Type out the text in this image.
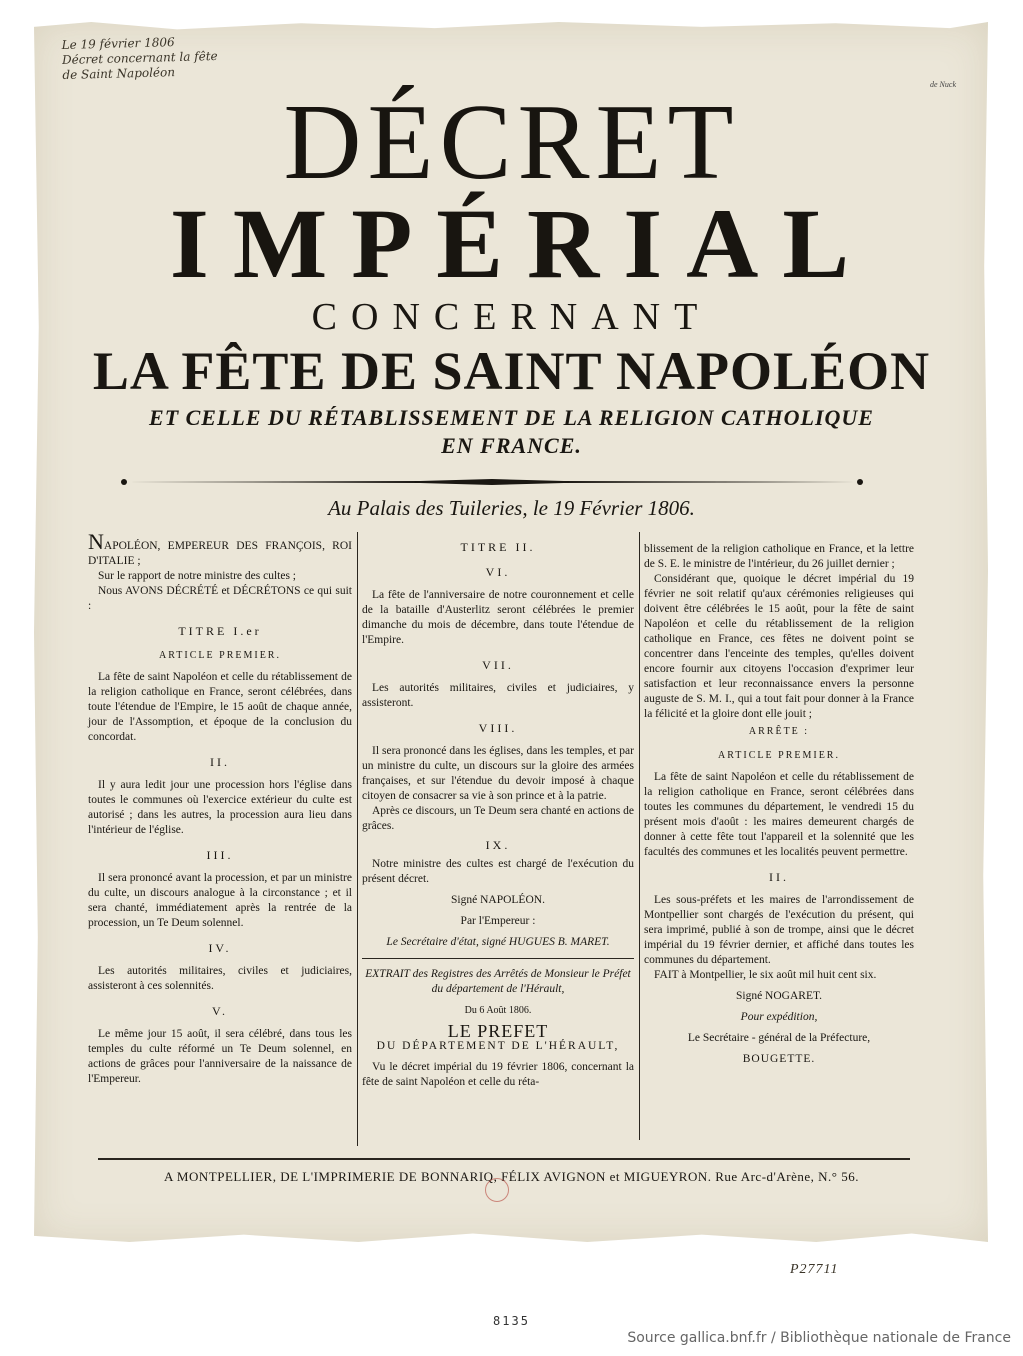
Le 19 février 1806
Décret concernant la fête
de Saint Napoléon
de Nuck
DÉCRET
IMPÉRIAL
CONCERNANT
LA FÊTE DE SAINT NAPOLÉON
ET CELLE DU RÉTABLISSEMENT DE LA RELIGION CATHOLIQUE
EN FRANCE.
Au Palais des Tuileries, le 19 Février 1806.

NAPOLÉON, EMPEREUR DES FRANÇOIS, ROI D'ITALIE ;

Sur le rapport de notre ministre des cultes ;

Nous AVONS DÉCRÉTÉ et DÉCRÉTONS ce qui suit :

TITRE I.er
ARTICLE PREMIER.

La fête de saint Napoléon et celle du rétablissement de la religion catholique en France, seront célébrées, dans toute l'étendue de l'Empire, le 15 août de chaque année, jour de l'Assomption, et époque de la conclusion du concordat.

II.

Il y aura ledit jour une procession hors l'église dans toutes le communes où l'exercice extérieur du culte est autorisé ; dans les autres, la procession aura lieu dans l'intérieur de l'église.

III.

Il sera prononcé avant la procession, et par un ministre du culte, un discours analogue à la circonstance ; et il sera chanté, immédiatement après la rentrée de la procession, un Te Deum solennel.

IV.

Les autorités militaires, civiles et judiciaires, assisteront à ces solennités.

V.

Le même jour 15 août, il sera célébré, dans tous les temples du culte réformé un Te Deum solennel, en actions de grâces pour l'anniversaire de la naissance de l'Empereur.

TITRE II.
VI.

La fête de l'anniversaire de notre couronnement et celle de la bataille d'Austerlitz seront célébrées le premier dimanche du mois de décembre, dans toute l'étendue de l'Empire.

VII.

Les autorités militaires, civiles et judiciaires, y assisteront.

VIII.

Il sera prononcé dans les églises, dans les temples, et par un ministre du culte, un discours sur la gloire des armées françaises, et sur l'étendue du devoir imposé à chaque citoyen de consacrer sa vie à son prince et à la patrie.

Après ce discours, un Te Deum sera chanté en actions de grâces.

IX.

Notre ministre des cultes est chargé de l'exécution du présent décret.

Signé NAPOLÉON.
Par l'Empereur :
Le Secrétaire d'état, signé HUGUES B. MARET.

EXTRAIT des Registres des Arrêtés de Monsieur le Préfet du département de l'Hérault,

Du 6 Août 1806.
LE PREFET
DU DÉPARTEMENT DE L'HÉRAULT,

Vu le décret impérial du 19 février 1806, concernant la fête de saint Napoléon et celle du réta-

blissement de la religion catholique en France, et la lettre de S. E. le ministre de l'intérieur, du 26 juillet dernier ;

Considérant que, quoique le décret impérial du 19 février ne soit relatif qu'aux cérémonies religieuses qui doivent être célébrées le 15 août, pour la fête de saint Napoléon et celle du rétablissement de la religion catholique en France, ces fêtes ne doivent point se concentrer dans l'enceinte des temples, qu'elles doivent encore fournir aux citoyens l'occasion d'exprimer leur satisfaction et leur reconnaissance envers la personne auguste de S. M. I., qui a tout fait pour donner à la France la félicité et la gloire dont elle jouit ;

ARRÊTE :
ARTICLE PREMIER.

La fête de saint Napoléon et celle du rétablissement de la religion catholique en France, seront célébrées dans toutes les communes du département, le vendredi 15 du présent mois d'août : les maires demeurent chargés de donner à cette fête tout l'appareil et la solennité que les facultés des communes et les localités peuvent permettre.

II.

Les sous-préfets et les maires de l'arrondissement de Montpellier sont chargés de l'exécution du présent, qui sera imprimé, publié à son de trompe, ainsi que le décret impérial du 19 février dernier, et affiché dans toutes les communes du département.

FAIT à Montpellier, le six août mil huit cent six.

Signé NOGARET.
Pour expédition,
Le Secrétaire - général de la Préfecture,
BOUGETTE.
A MONTPELLIER, DE L'IMPRIMERIE DE BONNARIQ, FÉLIX AVIGNON et MIGUEYRON. Rue Arc-d'Arène, N.° 56.
P27711
8135
Source gallica.bnf.fr / Bibliothèque nationale de France
